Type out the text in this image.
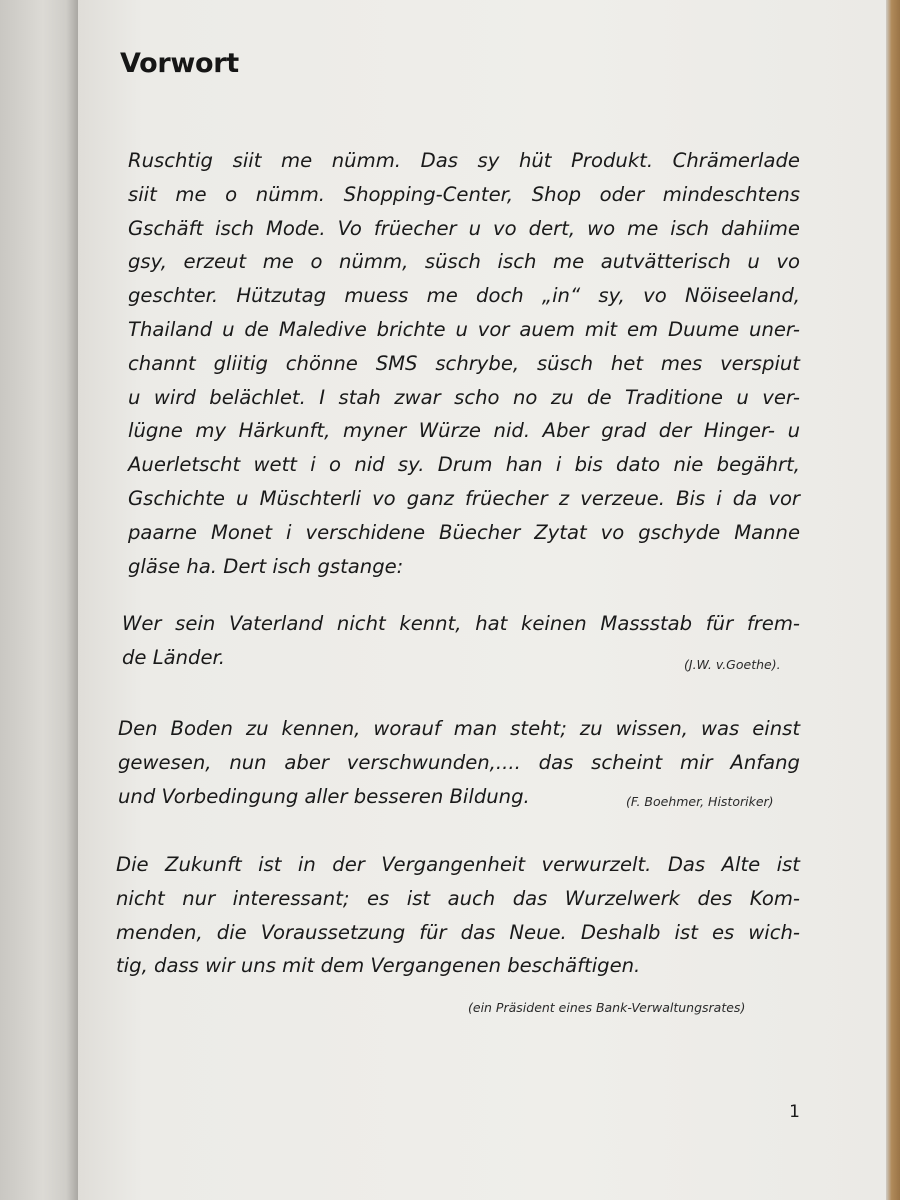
Vorwort
Ruschtig siit me nümm. Das sy hüt Produkt. Chrämerlade
siit me o nümm. Shopping-Center, Shop oder mindeschtens
Gschäft isch Mode. Vo früecher u vo dert, wo me isch dahiime
gsy, erzeut me o nümm, süsch isch me autvätterisch u vo
geschter. Hützutag muess me doch „in“ sy, vo Nöiseeland,
Thailand u de Maledive brichte u vor auem mit em Duume uner-
channt gliitig chönne SMS schrybe, süsch het mes verspiut
u wird belächlet. I stah zwar scho no zu de Traditione u ver-
lügne my Härkunft, myner Würze nid. Aber grad der Hinger- u
Auerletscht wett i o nid sy. Drum han i bis dato nie begährt,
Gschichte u Müschterli vo ganz früecher z verzeue. Bis i da vor
paarne Monet i verschidene Büecher Zytat vo gschyde Manne
gläse ha. Dert isch gstange:
Wer sein Vaterland nicht kennt, hat keinen Massstab für frem-
de Länder.	(J.W. v.Goethe).
Den Boden zu kennen, worauf man steht; zu wissen, was einst
gewesen, nun aber verschwunden,.... das scheint mir Anfang
und Vorbedingung aller besseren Bildung.	(F. Boehmer, Historiker)
Die Zukunft ist in der Vergangenheit verwurzelt. Das Alte ist
nicht nur interessant; es ist auch das Wurzelwerk des Kom-
menden, die Voraussetzung für das Neue. Deshalb ist es wich-
tig, dass wir uns mit dem Vergangenen beschäftigen.
(ein Präsident eines Bank-Verwaltungsrates)
1
